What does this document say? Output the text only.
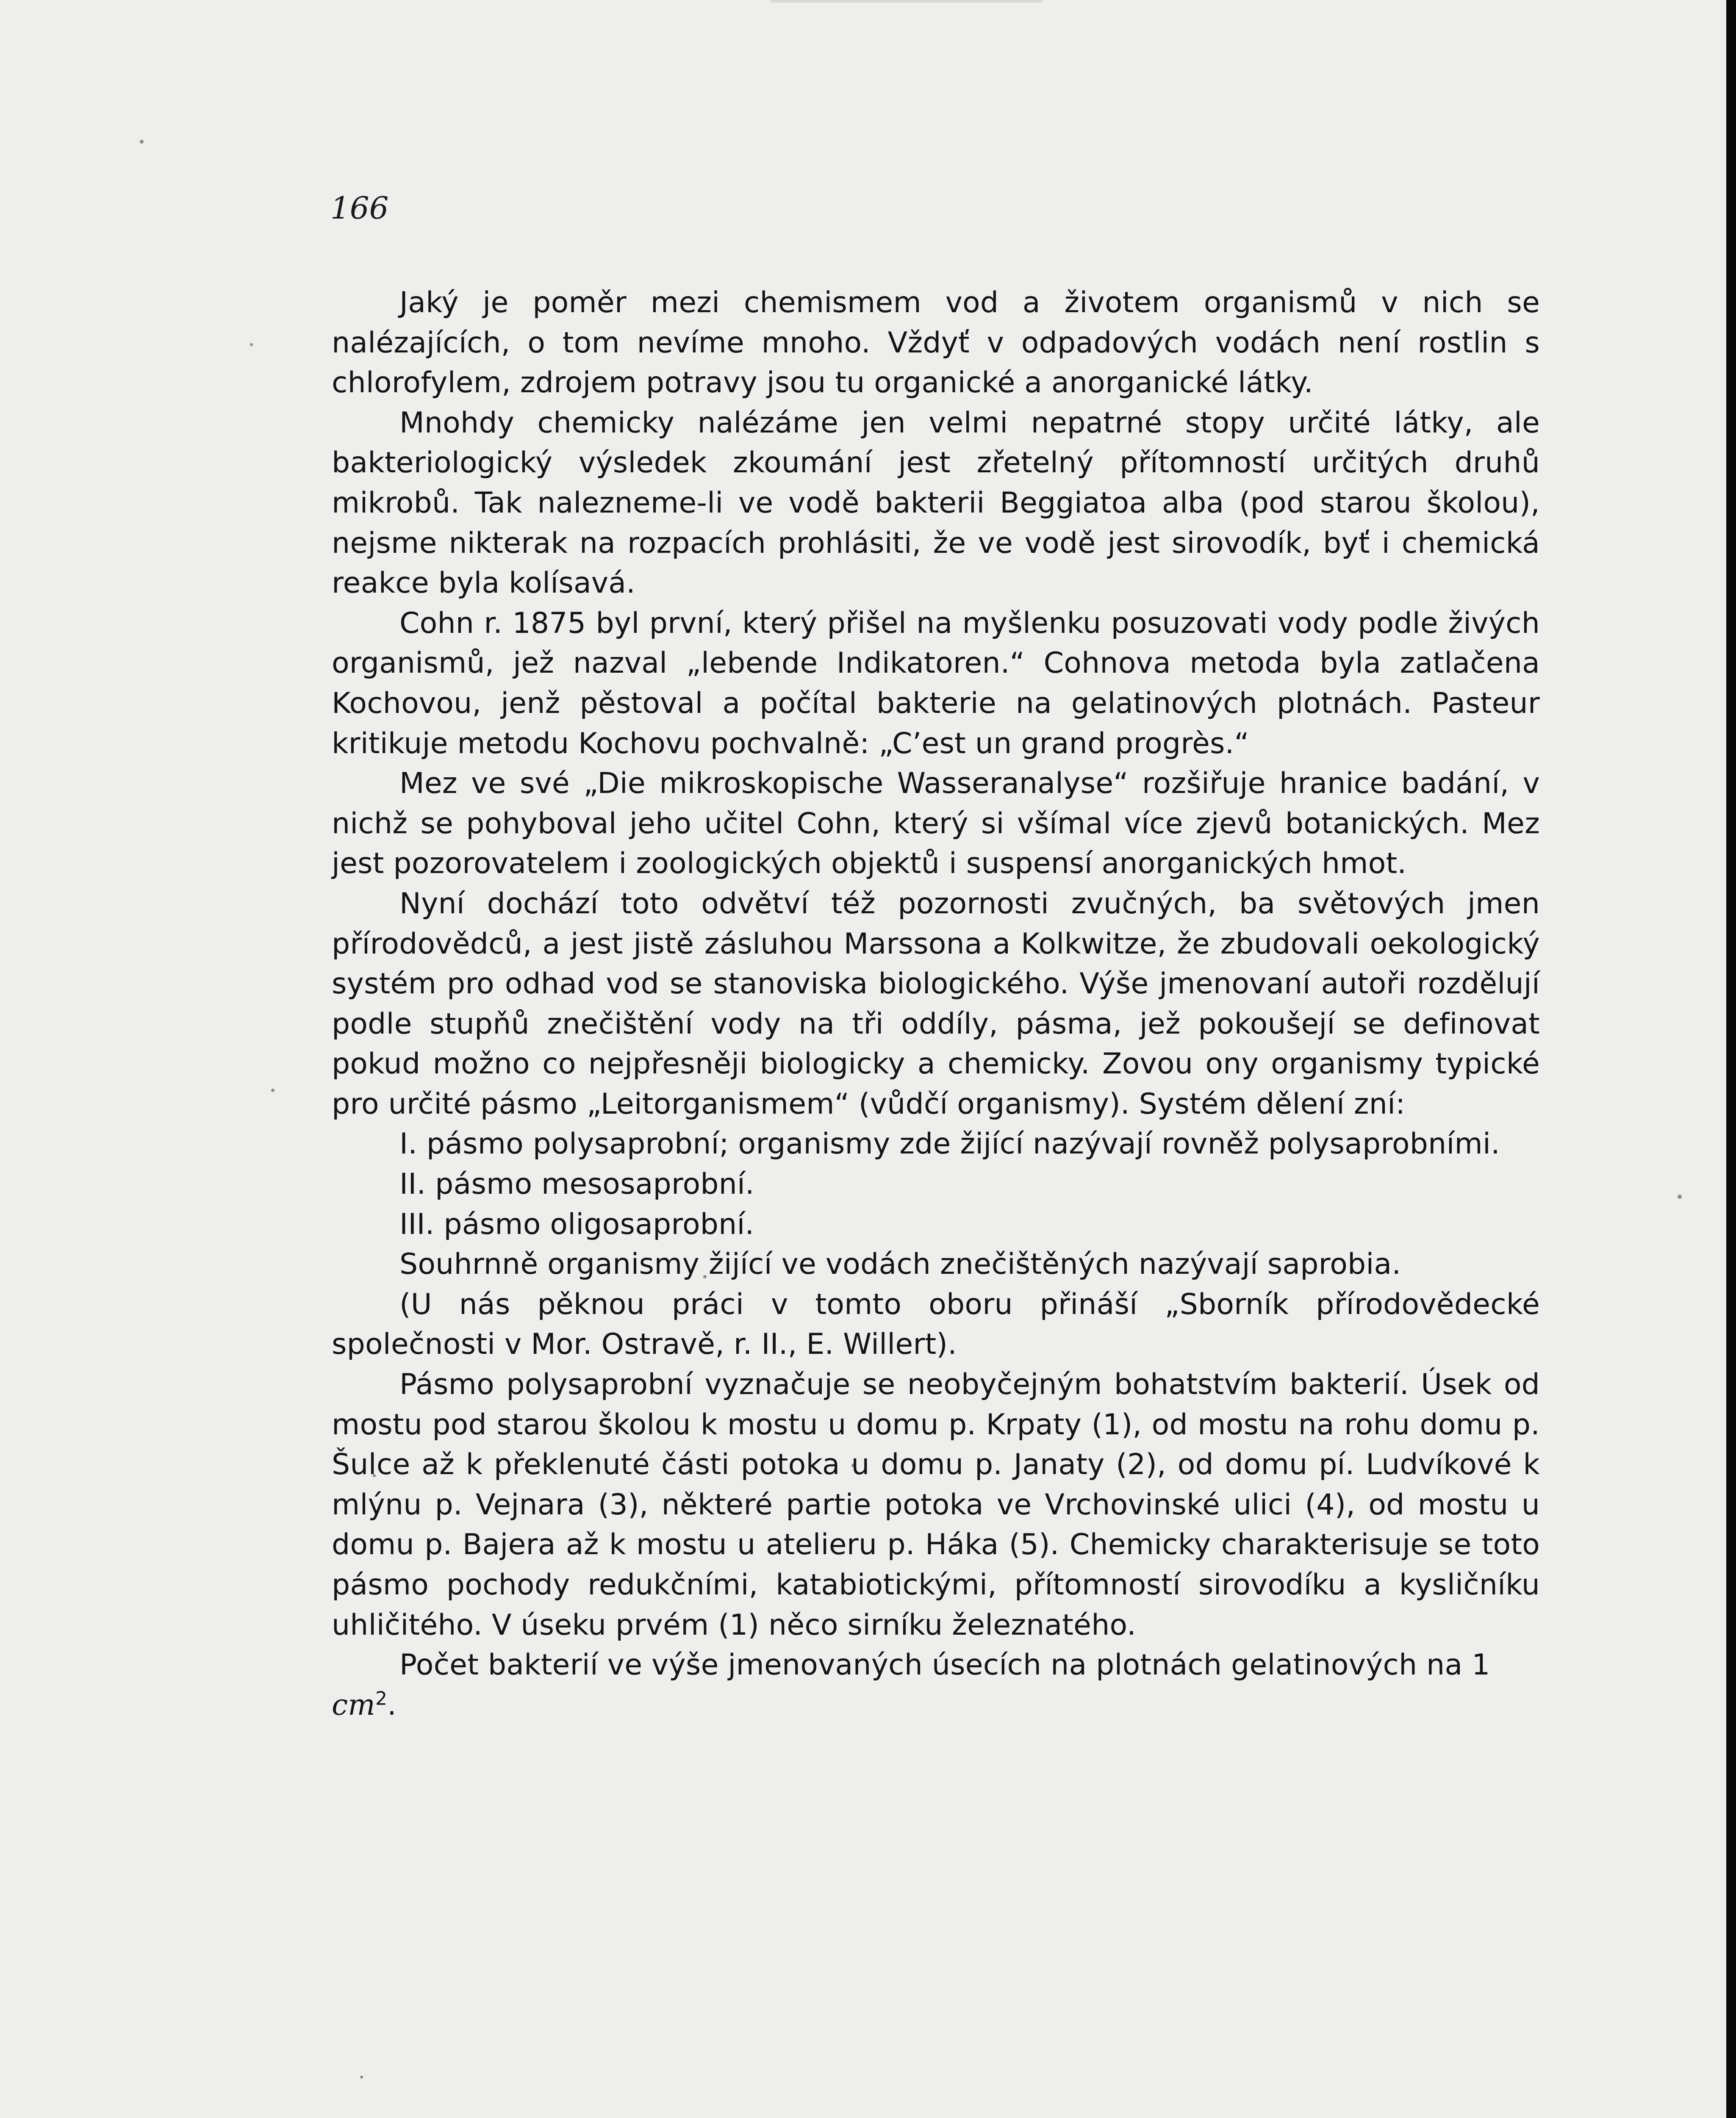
166

Jaký je poměr mezi chemismem vod a životem organismů v nich se nalézajících, o tom nevíme mnoho. Vždyť v odpadových vodách není rostlin s chlorofylem, zdrojem potravy jsou tu organické a anorganické látky.

Mnohdy chemicky nalézáme jen velmi nepatrné stopy určité látky, ale bakteriologický výsledek zkoumání jest zřetelný přítomností určitých druhů mikrobů. Tak nalezneme-li ve vodě bakterii Beggiatoa alba (pod starou školou), nejsme nikterak na rozpacích prohlásiti, že ve vodě jest sirovodík, byť i chemická reakce byla kolísavá.

Cohn r. 1875 byl první, který přišel na myšlenku posuzovati vody podle živých organismů, jež nazval „lebende Indikatoren.“ Cohnova metoda byla zatlačena Kochovou, jenž pěstoval a počítal bakterie na gelatinových plotnách. Pasteur kritikuje metodu Kochovu pochvalně: „C’est un grand progrès.“

Mez ve své „Die mikroskopische Wasseranalyse“ rozšiřuje hranice badání, v nichž se pohyboval jeho učitel Cohn, který si všímal více zjevů botanických. Mez jest pozorovatelem i zoologických objektů i suspensí anorganických hmot.

Nyní dochází toto odvětví též pozornosti zvučných, ba světových jmen přírodovědců, a jest jistě zásluhou Marssona a Kolkwitze, že zbudovali oekologický systém pro odhad vod se stanoviska biologického. Výše jmenovaní autoři rozdělují podle stupňů znečištění vody na tři oddíly, pásma, jež pokoušejí se definovat pokud možno co nejpřesněji biologicky a chemicky. Zovou ony organismy typické pro určité pásmo „Leitorganismem“ (vůdčí organismy). Systém dělení zní:

I. pásmo polysaprobní; organismy zde žijící nazývají rovněž polysaprobními.

II. pásmo mesosaprobní.

III. pásmo oligosaprobní.

Souhrnně organismy žijící ve vodách znečištěných nazývají saprobia.

(U nás pěknou práci v tomto oboru přináší „Sborník přírodovědecké společnosti v Mor. Ostravě, r. II., E. Willert).

Pásmo polysaprobní vyznačuje se neobyčejným bohatstvím bakterií. Úsek od mostu pod starou školou k mostu u domu p. Krpaty (1), od mostu na rohu domu p. Šulce až k překlenuté části potoka u domu p. Janaty (2), od domu pí. Ludvíkové k mlýnu p. Vejnara (3), některé partie potoka ve Vrchovinské ulici (4), od mostu u domu p. Bajera až k mostu u atelieru p. Háka (5). Chemicky charakterisuje se toto pásmo pochody redukčními, katabiotickými, přítomností sirovodíku a kysličníku uhličitého. V úseku prvém (1) něco sirníku železnatého.

Počet bakterií ve výše jmenovaných úsecích na plotnách gelatinových na 1 $cm^2$.
